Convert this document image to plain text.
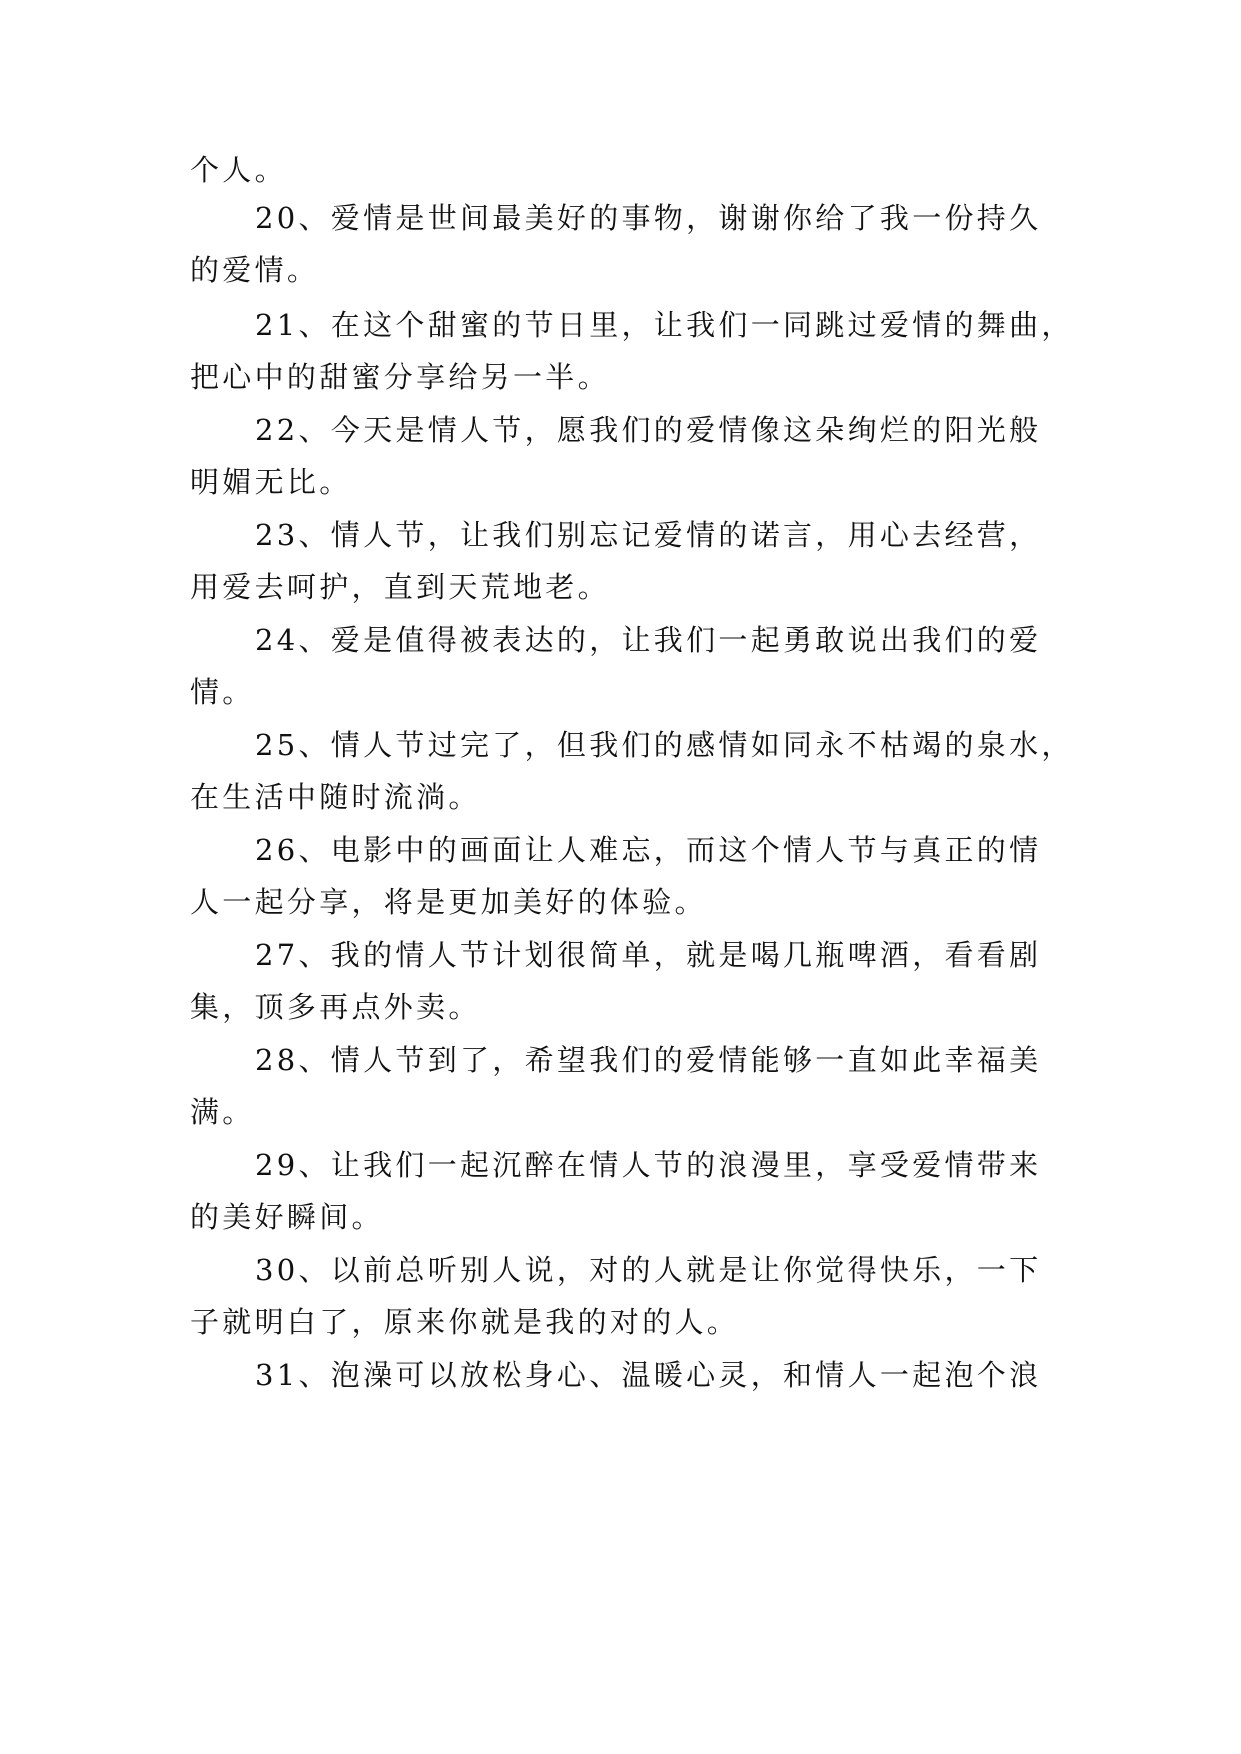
个人。
20、爱情是世间最美好的事物，谢谢你给了我一份持久
的爱情。
21、在这个甜蜜的节日里，让我们一同跳过爱情的舞曲，
把心中的甜蜜分享给另一半。
22、今天是情人节，愿我们的爱情像这朵绚烂的阳光般
明媚无比。
23、情人节，让我们别忘记爱情的诺言，用心去经营，
用爱去呵护，直到天荒地老。
24、爱是值得被表达的，让我们一起勇敢说出我们的爱
情。
25、情人节过完了，但我们的感情如同永不枯竭的泉水，
在生活中随时流淌。
26、电影中的画面让人难忘，而这个情人节与真正的情
人一起分享，将是更加美好的体验。
27、我的情人节计划很简单，就是喝几瓶啤酒，看看剧
集，顶多再点外卖。
28、情人节到了，希望我们的爱情能够一直如此幸福美
满。
29、让我们一起沉醉在情人节的浪漫里，享受爱情带来
的美好瞬间。
30、以前总听别人说，对的人就是让你觉得快乐，一下
子就明白了，原来你就是我的对的人。
31、泡澡可以放松身心、温暖心灵，和情人一起泡个浪
